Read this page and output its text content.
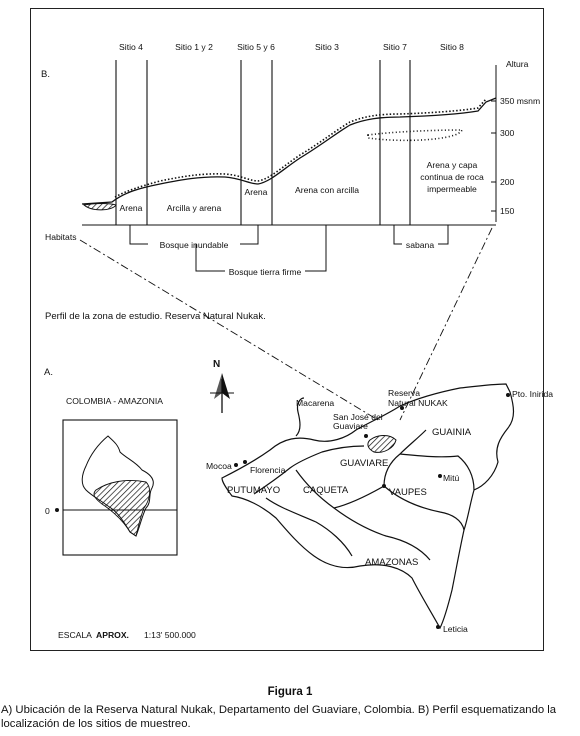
B.
Altura
Sitio 4	Sitio 1 y 2	Sitio 5 y 6	Sitio 3	Sitio 7	Sitio 8
350 msnm
300
200
150
Arena	Arcilla y arena
Arena	Arena con arcilla
Arena y capa
continua de roca
impermeable
Habitats
Bosque inundable
Bosque tierra firme
sabana
Perfil de la zona de estudio. Reserva Natural Nukak.
A.
COLOMBIA - AMAZONIA
0
N
Macarena
San José del Guaviare
Reserva Natural NUKAK
Pto. Inirida
Mocoa Florencia
Mitú
Leticia
GUAINIA
GUAVIARE
PUTUMAYO CAQUETA	VAUPES
AMAZONAS
ESCALA APROX. 1:13' 500.000
Figura 1
A) Ubicación de la Reserva Natural Nukak, Departamento del Guaviare, Colombia. B) Perfil esquematizando la localización de los sitios de muestreo.
